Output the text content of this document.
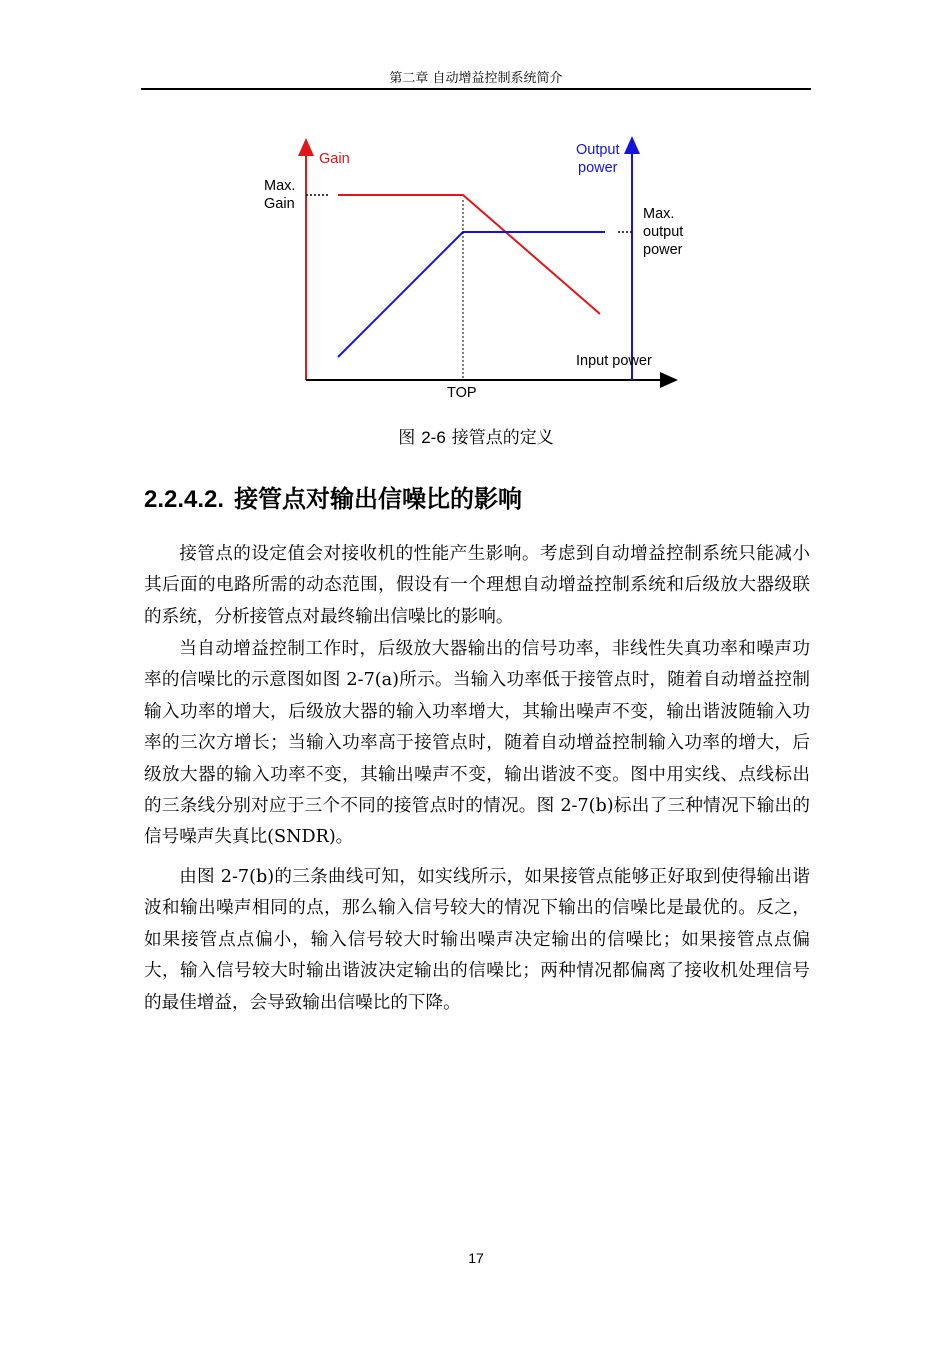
第二章 自动增益控制系统简介
Gain
Max.
Gain
Output
power
Max.
output
power
Input power
TOP
图 2-6 接管点的定义
2.2.4.2. 接管点对输出信噪比的影响

接管点的设定值会对接收机的性能产生影响。考虑到自动增益控制系统只能减小其后面的电路所需的动态范围，假设有一个理想自动增益控制系统和后级放大器级联的系统，分析接管点对最终输出信噪比的影响。

当自动增益控制工作时，后级放大器输出的信号功率，非线性失真功率和噪声功率的信噪比的示意图如图 2-7(a)所示。当输入功率低于接管点时，随着自动增益控制输入功率的增大，后级放大器的输入功率增大，其输出噪声不变，输出谐波随输入功率的三次方增长；当输入功率高于接管点时，随着自动增益控制输入功率的增大，后级放大器的输入功率不变，其输出噪声不变，输出谐波不变。图中用实线、点线标出的三条线分别对应于三个不同的接管点时的情况。图 2-7(b)标出了三种情况下输出的信号噪声失真比(SNDR)。

由图 2-7(b)的三条曲线可知，如实线所示，如果接管点能够正好取到使得输出谐波和输出噪声相同的点，那么输入信号较大的情况下输出的信噪比是最优的。反之，如果接管点点偏小，输入信号较大时输出噪声决定输出的信噪比；如果接管点点偏大，输入信号较大时输出谐波决定输出的信噪比；两种情况都偏离了接收机处理信号的最佳增益，会导致输出信噪比的下降。

17
